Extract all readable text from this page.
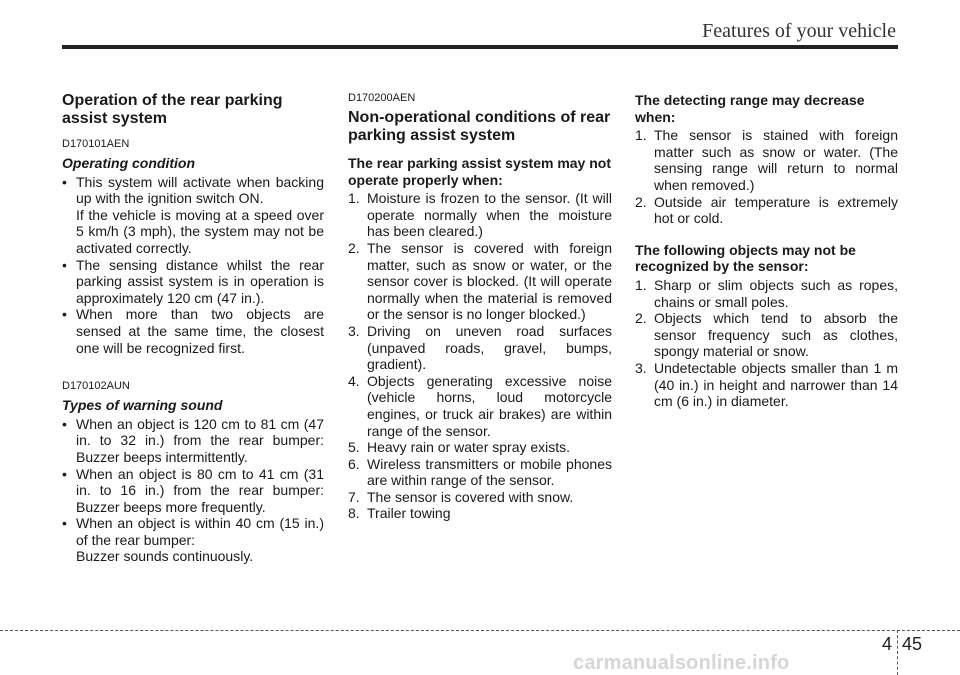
Features of your vehicle
Operation of the rear parking assist system
D170101AEN
Operating condition
• This system will activate when backing up with the ignition switch ON.
If the vehicle is moving at a speed over 5 km/h (3 mph), the system may not be activated correctly.
• The sensing distance whilst the rear parking assist system is in operation is approximately 120 cm (47 in.).
• When more than two objects are sensed at the same time, the closest one will be recognized first.
D170102AUN
Types of warning sound
• When an object is 120 cm to 81 cm (47 in. to 32 in.) from the rear bumper: Buzzer beeps intermittently.
• When an object is 80 cm to 41 cm (31 in. to 16 in.) from the rear bumper: Buzzer beeps more frequently.
• When an object is within 40 cm (15 in.) of the rear bumper:
Buzzer sounds continuously.
D170200AEN
Non-operational conditions of rear parking assist system
The rear parking assist system may not operate properly when:
1. Moisture is frozen to the sensor. (It will operate normally when the moisture has been cleared.)
2. The sensor is covered with foreign matter, such as snow or water, or the sensor cover is blocked. (It will operate normally when the material is removed or the sensor is no longer blocked.)
3. Driving on uneven road surfaces (unpaved roads, gravel, bumps, gradient).
4. Objects generating excessive noise (vehicle horns, loud motorcycle engines, or truck air brakes) are within range of the sensor.
5. Heavy rain or water spray exists.
6. Wireless transmitters or mobile phones are within range of the sensor.
7. The sensor is covered with snow.
8. Trailer towing
The detecting range may decrease when:
1. The sensor is stained with foreign matter such as snow or water. (The sensing range will return to normal when removed.)
2. Outside air temperature is extremely hot or cold.
The following objects may not be recognized by the sensor:
1. Sharp or slim objects such as ropes, chains or small poles.
2. Objects which tend to absorb the sensor frequency such as clothes, spongy material or snow.
3. Undetectable objects smaller than 1 m (40 in.) in height and narrower than 14 cm (6 in.) in diameter.
4 45
carmanualsonline.info
